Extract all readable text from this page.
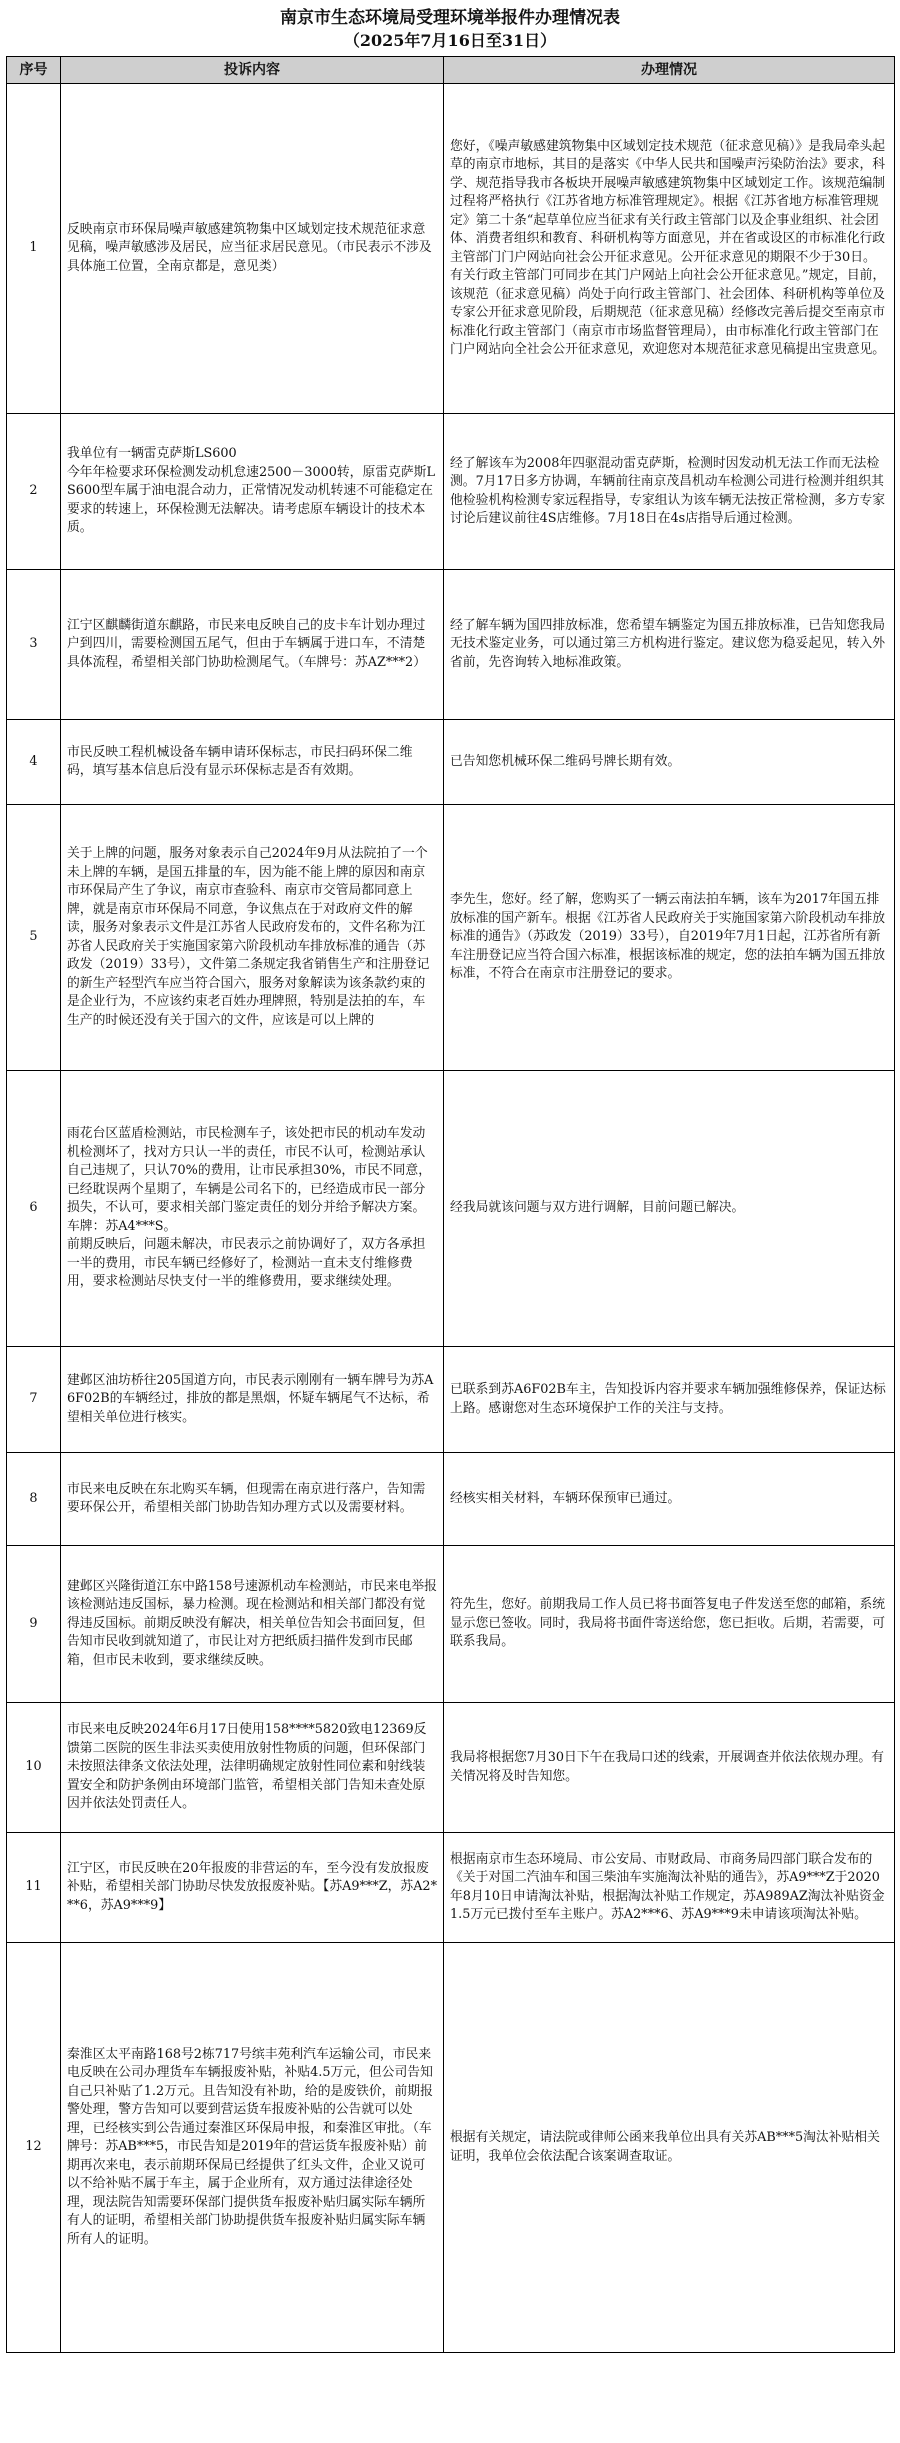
南京市生态环境局受理环境举报件办理情况表
（2025年7月16日至31日）
序号	投诉内容	办理情况
1	反映南京市环保局噪声敏感建筑物集中区域划定技术规范征求意见稿，噪声敏感涉及居民，应当征求居民意见。（市民表示不涉及具体施工位置，全南京都是，意见类）	您好，《噪声敏感建筑物集中区域划定技术规范（征求意见稿）》是我局牵头起草的南京市地标，其目的是落实《中华人民共和国噪声污染防治法》要求，科学、规范指导我市各板块开展噪声敏感建筑物集中区域划定工作。该规范编制过程将严格执行《江苏省地方标准管理规定》。根据《江苏省地方标准管理规定》第二十条“起草单位应当征求有关行政主管部门以及企事业组织、社会团体、消费者组织和教育、科研机构等方面意见，并在省或设区的市标准化行政主管部门门户网站向社会公开征求意见。公开征求意见的期限不少于30日。有关行政主管部门可同步在其门户网站上向社会公开征求意见。”规定，目前，该规范（征求意见稿）尚处于向行政主管部门、社会团体、科研机构等单位及专家公开征求意见阶段，后期规范（征求意见稿）经修改完善后提交至南京市标准化行政主管部门（南京市市场监督管理局），由市标准化行政主管部门在门户网站向全社会公开征求意见，欢迎您对本规范征求意见稿提出宝贵意见。
2	我单位有一辆雷克萨斯LS600
今年年检要求环保检测发动机怠速2500－3000转，原雷克萨斯LS600型车属于油电混合动力，正常情况发动机转速不可能稳定在要求的转速上，环保检测无法解决。请考虑原车辆设计的技术本质。	经了解该车为2008年四驱混动雷克萨斯，检测时因发动机无法工作而无法检测。7月17日多方协调，车辆前往南京茂昌机动车检测公司进行检测并组织其他检验机构检测专家远程指导，专家组认为该车辆无法按正常检测，多方专家讨论后建议前往4S店维修。7月18日在4s店指导后通过检测。
3	江宁区麒麟街道东麒路，市民来电反映自己的皮卡车计划办理过户到四川，需要检测国五尾气，但由于车辆属于进口车，不清楚具体流程，希望相关部门协助检测尾气。（车牌号：苏AZ***2）	经了解车辆为国四排放标准，您希望车辆鉴定为国五排放标准，已告知您我局无技术鉴定业务，可以通过第三方机构进行鉴定。建议您为稳妥起见，转入外省前，先咨询转入地标准政策。
4	市民反映工程机械设备车辆申请环保标志，市民扫码环保二维码，填写基本信息后没有显示环保标志是否有效期。	已告知您机械环保二维码号牌长期有效。
5	关于上牌的问题，服务对象表示自己2024年9月从法院拍了一个未上牌的车辆，是国五排量的车，因为能不能上牌的原因和南京市环保局产生了争议，南京市查验科、南京市交管局都同意上牌，就是南京市环保局不同意，争议焦点在于对政府文件的解读，服务对象表示文件是江苏省人民政府发布的，文件名称为江苏省人民政府关于实施国家第六阶段机动车排放标准的通告（苏政发（2019）33号），文件第二条规定我省销售生产和注册登记的新生产轻型汽车应当符合国六，服务对象解读为该条款约束的是企业行为，不应该约束老百姓办理牌照，特别是法拍的车，车生产的时候还没有关于国六的文件，应该是可以上牌的	李先生，您好。经了解，您购买了一辆云南法拍车辆，该车为2017年国五排放标准的国产新车。根据《江苏省人民政府关于实施国家第六阶段机动车排放标准的通告》（苏政发（2019）33号），自2019年7月1日起，江苏省所有新车注册登记应当符合国六标准，根据该标准的规定，您的法拍车辆为国五排放标准，不符合在南京市注册登记的要求。
6	雨花台区蓝盾检测站，市民检测车子，该处把市民的机动车发动机检测坏了，找对方只认一半的责任，市民不认可，检测站承认自己违规了，只认70%的费用，让市民承担30%，市民不同意，已经耽误两个星期了，车辆是公司名下的，已经造成市民一部分损失，不认可，要求相关部门鉴定责任的划分并给予解决方案。车牌：苏A4***S。
前期反映后，问题未解决，市民表示之前协调好了，双方各承担一半的费用，市民车辆已经修好了，检测站一直未支付维修费用，要求检测站尽快支付一半的维修费用，要求继续处理。	经我局就该问题与双方进行调解，目前问题已解决。
7	建邺区油坊桥往205国道方向，市民表示刚刚有一辆车牌号为苏A6F02B的车辆经过，排放的都是黑烟，怀疑车辆尾气不达标，希望相关单位进行核实。	已联系到苏A6F02B车主，告知投诉内容并要求车辆加强维修保养，保证达标上路。感谢您对生态环境保护工作的关注与支持。
8	市民来电反映在东北购买车辆，但现需在南京进行落户，告知需要环保公开，希望相关部门协助告知办理方式以及需要材料。	经核实相关材料，车辆环保预审已通过。
9	建邺区兴隆街道江东中路158号速源机动车检测站，市民来电举报该检测站违反国标，暴力检测。现在检测站和相关部门都没有觉得违反国标。前期反映没有解决，相关单位告知会书面回复，但告知市民收到就知道了，市民让对方把纸质扫描件发到市民邮箱，但市民未收到，要求继续反映。	符先生，您好。前期我局工作人员已将书面答复电子件发送至您的邮箱，系统显示您已签收。同时，我局将书面件寄送给您，您已拒收。后期，若需要，可联系我局。
10	市民来电反映2024年6月17日使用158****5820致电12369反馈第二医院的医生非法买卖使用放射性物质的问题，但环保部门未按照法律条文依法处理，法律明确规定放射性同位素和射线装置安全和防护条例由环境部门监管，希望相关部门告知未查处原因并依法处罚责任人。	我局将根据您7月30日下午在我局口述的线索，开展调查并依法依规办理。有关情况将及时告知您。
11	江宁区，市民反映在20年报废的非营运的车，至今没有发放报废补贴，希望相关部门协助尽快发放报废补贴。【苏A9***Z，苏A2***6，苏A9***9】	根据南京市生态环境局、市公安局、市财政局、市商务局四部门联合发布的《关于对国二汽油车和国三柴油车实施淘汰补贴的通告》，苏A9***Z于2020年8月10日申请淘汰补贴，根据淘汰补贴工作规定，苏A989AZ淘汰补贴资金1.5万元已拨付至车主账户。苏A2***6、苏A9***9未申请该项淘汰补贴。
12	秦淮区太平南路168号2栋717号缤丰苑利汽车运输公司，市民来电反映在公司办理货车车辆报废补贴，补贴4.5万元，但公司告知自己只补贴了1.2万元。且告知没有补助，给的是废铁价，前期报警处理，警方告知可以要到营运货车报废补贴的公告就可以处理，已经核实到公告通过秦淮区环保局申报，和秦淮区审批。（车牌号：苏AB***5，市民告知是2019年的营运货车报废补贴）前期再次来电，表示前期环保局已经提供了红头文件，企业又说可以不给补贴不属于车主，属于企业所有，双方通过法律途径处理，现法院告知需要环保部门提供货车报废补贴归属实际车辆所有人的证明，希望相关部门协助提供货车报废补贴归属实际车辆所有人的证明。	根据有关规定，请法院或律师公函来我单位出具有关苏AB***5淘汰补贴相关证明，我单位会依法配合该案调查取证。
